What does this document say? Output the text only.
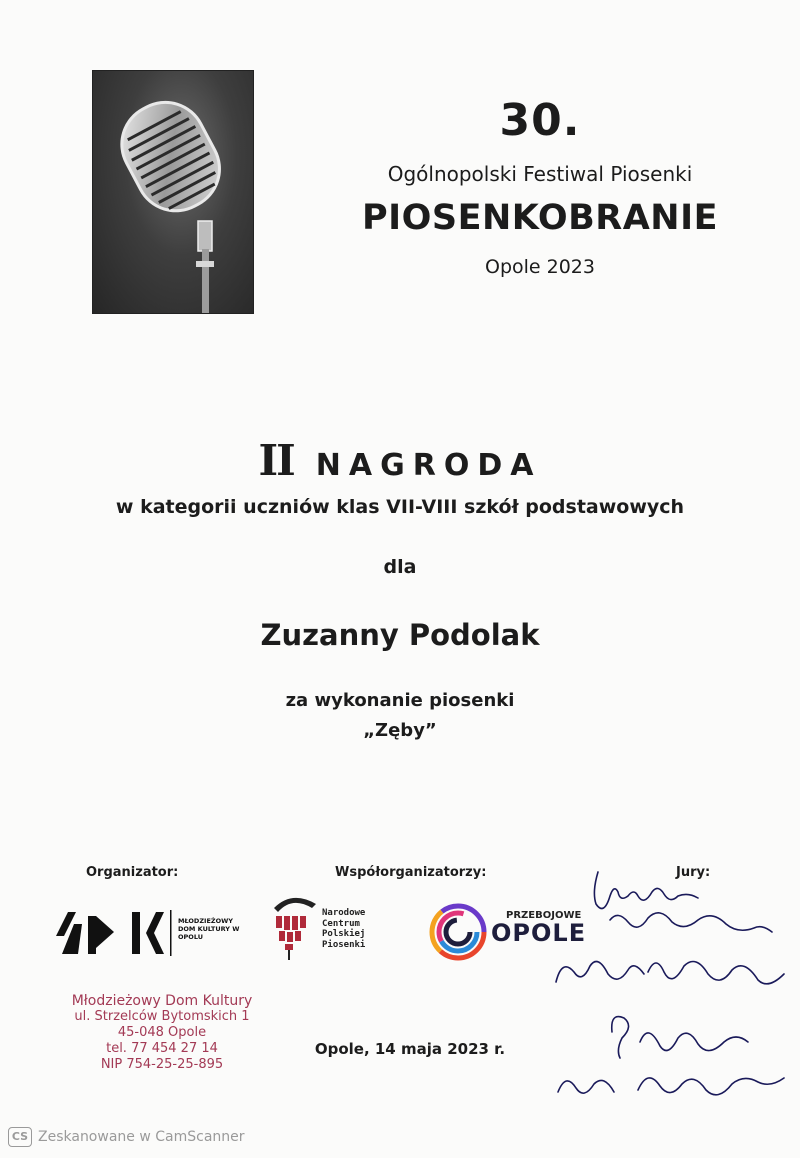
30.
Ogólnopolski Festiwal Piosenki
PIOSENKOBRANIE
Opole 2023
II NAGRODA
w kategorii uczniów klas VII-VIII szkół podstawowych
dla
Zuzanny Podolak
za wykonanie piosenki
„Zęby”
Organizator:	Współorganizatorzy:	Jury:
MŁODZIEŻOWY DOM KULTURY W OPOLU
Narodowe
Centrum
Polskiej
Piosenki
PRZEBOJOWE
OPOLE
Młodzieżowy Dom Kultury
ul. Strzelców Bytomskich 1
45-048 Opole
tel. 77 454 27 14
NIP 754-25-25-895
Opole, 14 maja 2023 r.
CS Zeskanowane w CamScanner
